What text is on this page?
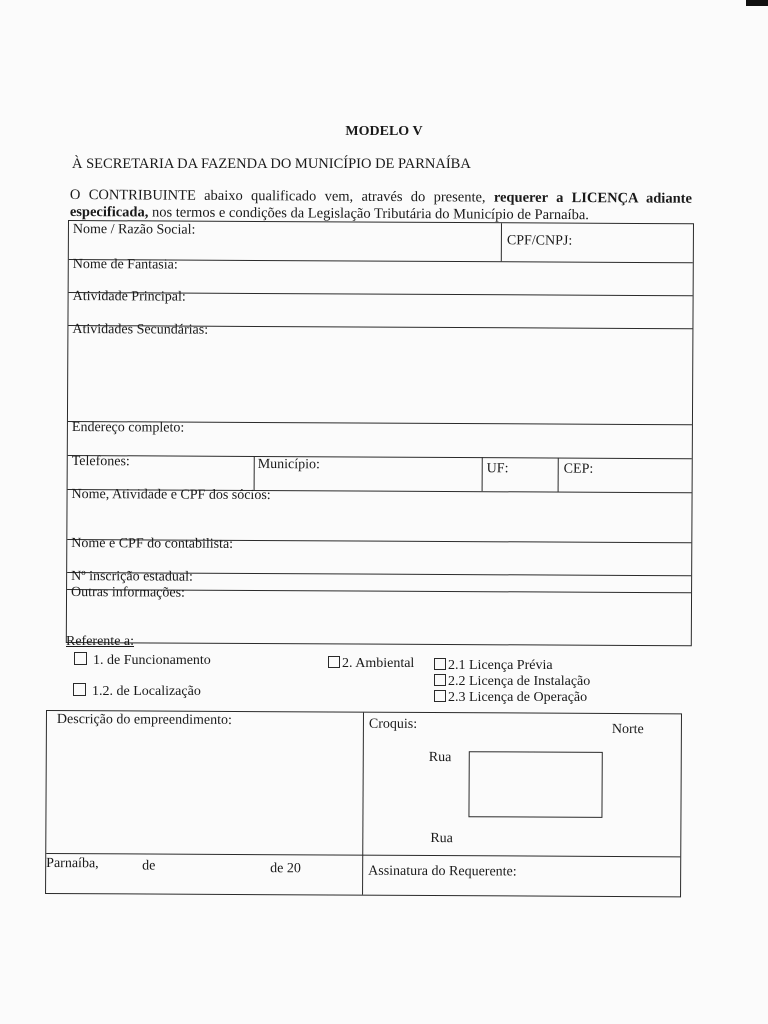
MODELO V
À SECRETARIA DA FAZENDA DO MUNICÍPIO DE PARNAÍBA
O CONTRIBUINTE abaixo qualificado vem, através do presente, requerer a LICENÇA adiante especificada, nos termos e condições da Legislação Tributária do Município de Parnaíba.
Nome / Razão Social:
CPF/CNPJ:
Nome de Fantasia:
Atividade Principal:
Atividades Secundárias:
Endereço completo:
Telefones:	Município:	UF:	CEP:
Nome, Atividade e CPF dos sócios:
Nome e CPF do contabilista:
Nº inscrição estadual:
Outras informações:
Referente a:
1. de Funcionamento
1.2. de Localização
2. Ambiental	2.1 Licença Prévia
2.2 Licença de Instalação
2.3 Licença de Operação
Descrição do empreendimento:	Croquis:	Norte
Rua
Rua
Parnaíba,	de	de 20	Assinatura do Requerente:
